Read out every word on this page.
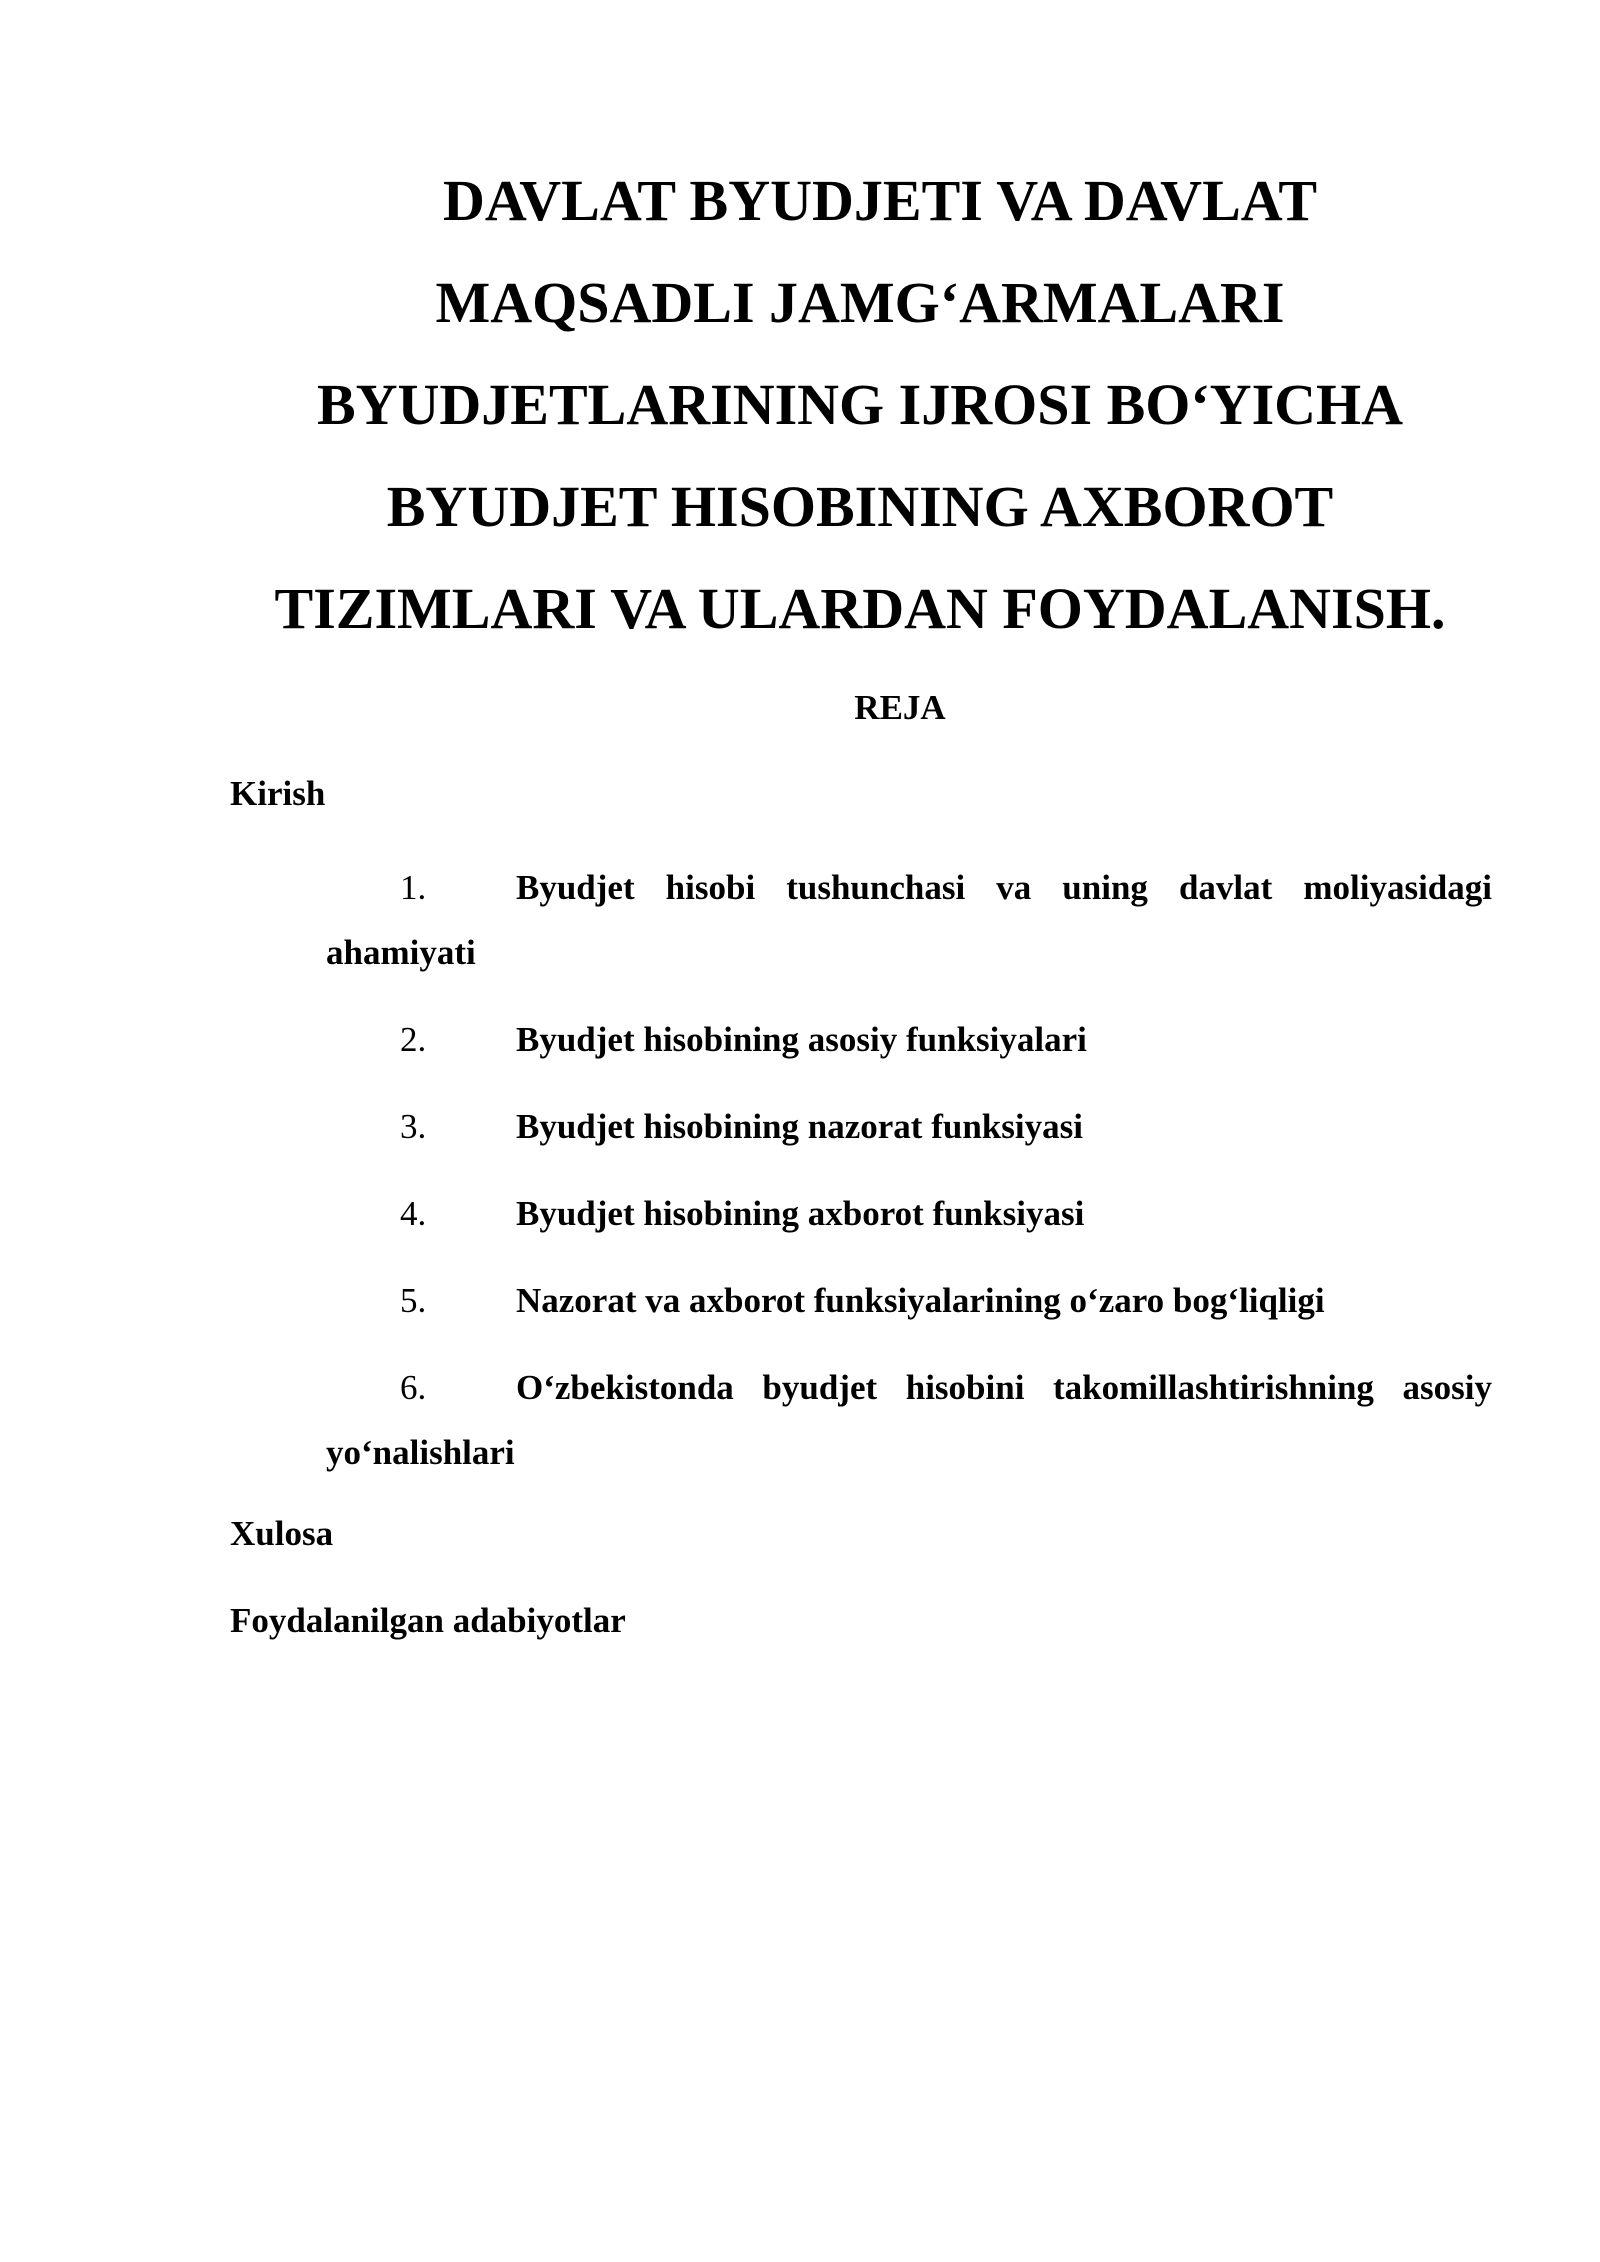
DAVLAT BYUDJETI VA DAVLAT
MAQSADLI JAMG‘ARMALARI
BYUDJETLARINING IJROSI BO‘YICHA
BYUDJET HISOBINING AXBOROT
TIZIMLARI VA ULARDAN FOYDALANISH.
REJA
Kirish
1.	Byudjet hisobi tushunchasi va uning davlat moliyasidagi
ahamiyati
2.	Byudjet hisobining asosiy funksiyalari
3.	Byudjet hisobining nazorat funksiyasi
4.	Byudjet hisobining axborot funksiyasi
5.	Nazorat va axborot funksiyalarining o‘zaro bog‘liqligi
6.	O‘zbekistonda byudjet hisobini takomillashtirishning asosiy
yo‘nalishlari
Xulosa
Foydalanilgan adabiyotlar
